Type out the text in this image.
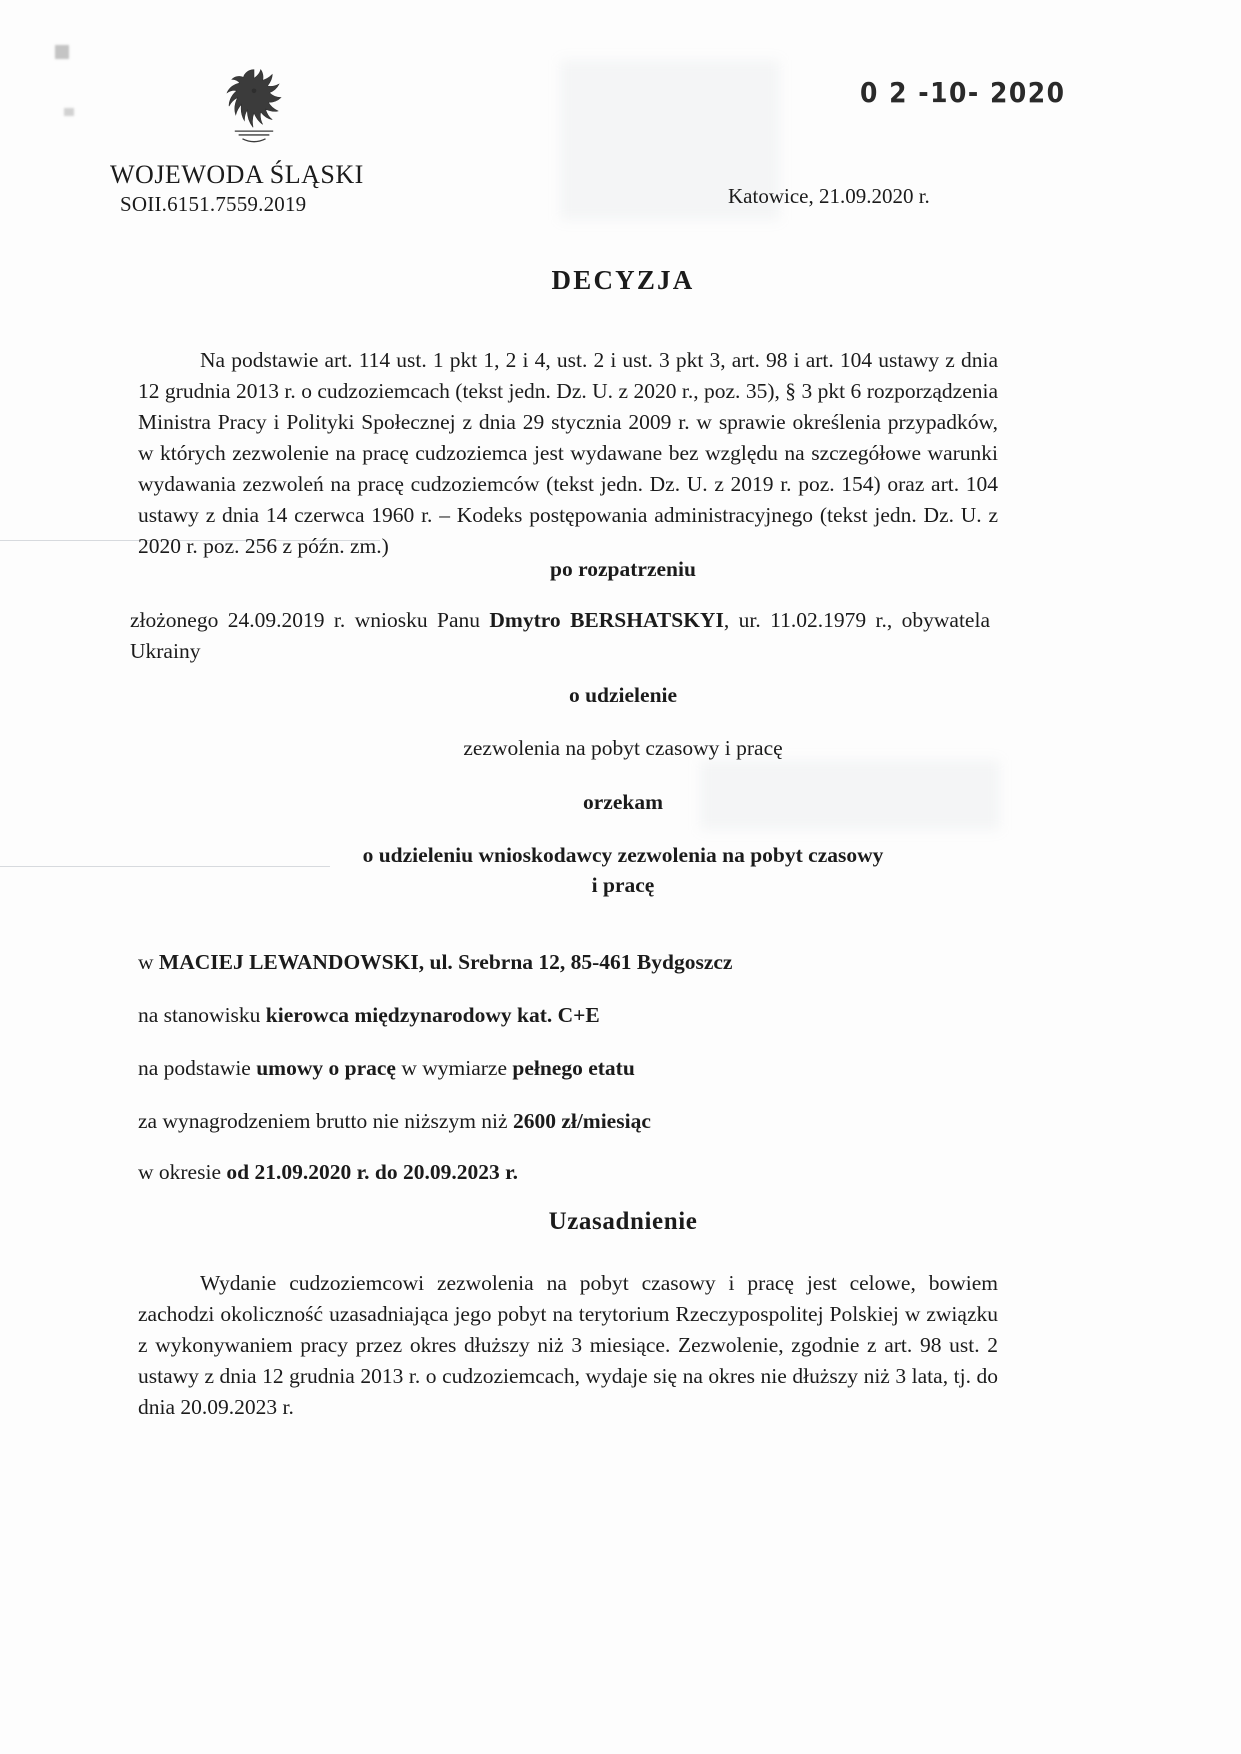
WOJEWODA ŚLĄSKI
SOII.6151.7559.2019
0 2 -10- 2020
Katowice, 21.09.2020 r.
DECYZJA
Na podstawie art. 114 ust. 1 pkt 1, 2 i 4, ust. 2 i ust. 3 pkt 3, art. 98 i art. 104 ustawy z dnia 12 grudnia 2013 r. o cudzoziemcach (tekst jedn. Dz. U. z 2020 r., poz. 35), § 3 pkt 6 rozporządzenia Ministra Pracy i Polityki Społecznej z dnia 29 stycznia 2009 r. w sprawie określenia przypadków, w których zezwolenie na pracę cudzoziemca jest wydawane bez względu na szczegółowe warunki wydawania zezwoleń na pracę cudzoziemców (tekst jedn. Dz. U. z 2019 r. poz. 154) oraz art. 104 ustawy z dnia 14 czerwca 1960 r. – Kodeks postępowania administracyjnego (tekst jedn. Dz. U. z 2020 r. poz. 256 z późn. zm.)
po rozpatrzeniu
złożonego 24.09.2019 r. wniosku Panu Dmytro BERSHATSKYI, ur. 11.02.1979 r., obywatela Ukrainy
o udzielenie
zezwolenia na pobyt czasowy i pracę
orzekam
o udzieleniu wnioskodawcy zezwolenia na pobyt czasowy
i pracę
w MACIEJ LEWANDOWSKI, ul. Srebrna 12, 85-461 Bydgoszcz
na stanowisku kierowca międzynarodowy kat. C+E
na podstawie umowy o pracę w wymiarze pełnego etatu
za wynagrodzeniem brutto nie niższym niż 2600 zł/miesiąc
w okresie od 21.09.2020 r. do 20.09.2023 r.
Uzasadnienie
Wydanie cudzoziemcowi zezwolenia na pobyt czasowy i pracę jest celowe, bowiem zachodzi okoliczność uzasadniająca jego pobyt na terytorium Rzeczypospolitej Polskiej w związku z wykonywaniem pracy przez okres dłuższy niż 3 miesiące. Zezwolenie, zgodnie z art. 98 ust. 2 ustawy z dnia 12 grudnia 2013 r. o cudzoziemcach, wydaje się na okres nie dłuższy niż 3 lata, tj. do dnia 20.09.2023 r.
